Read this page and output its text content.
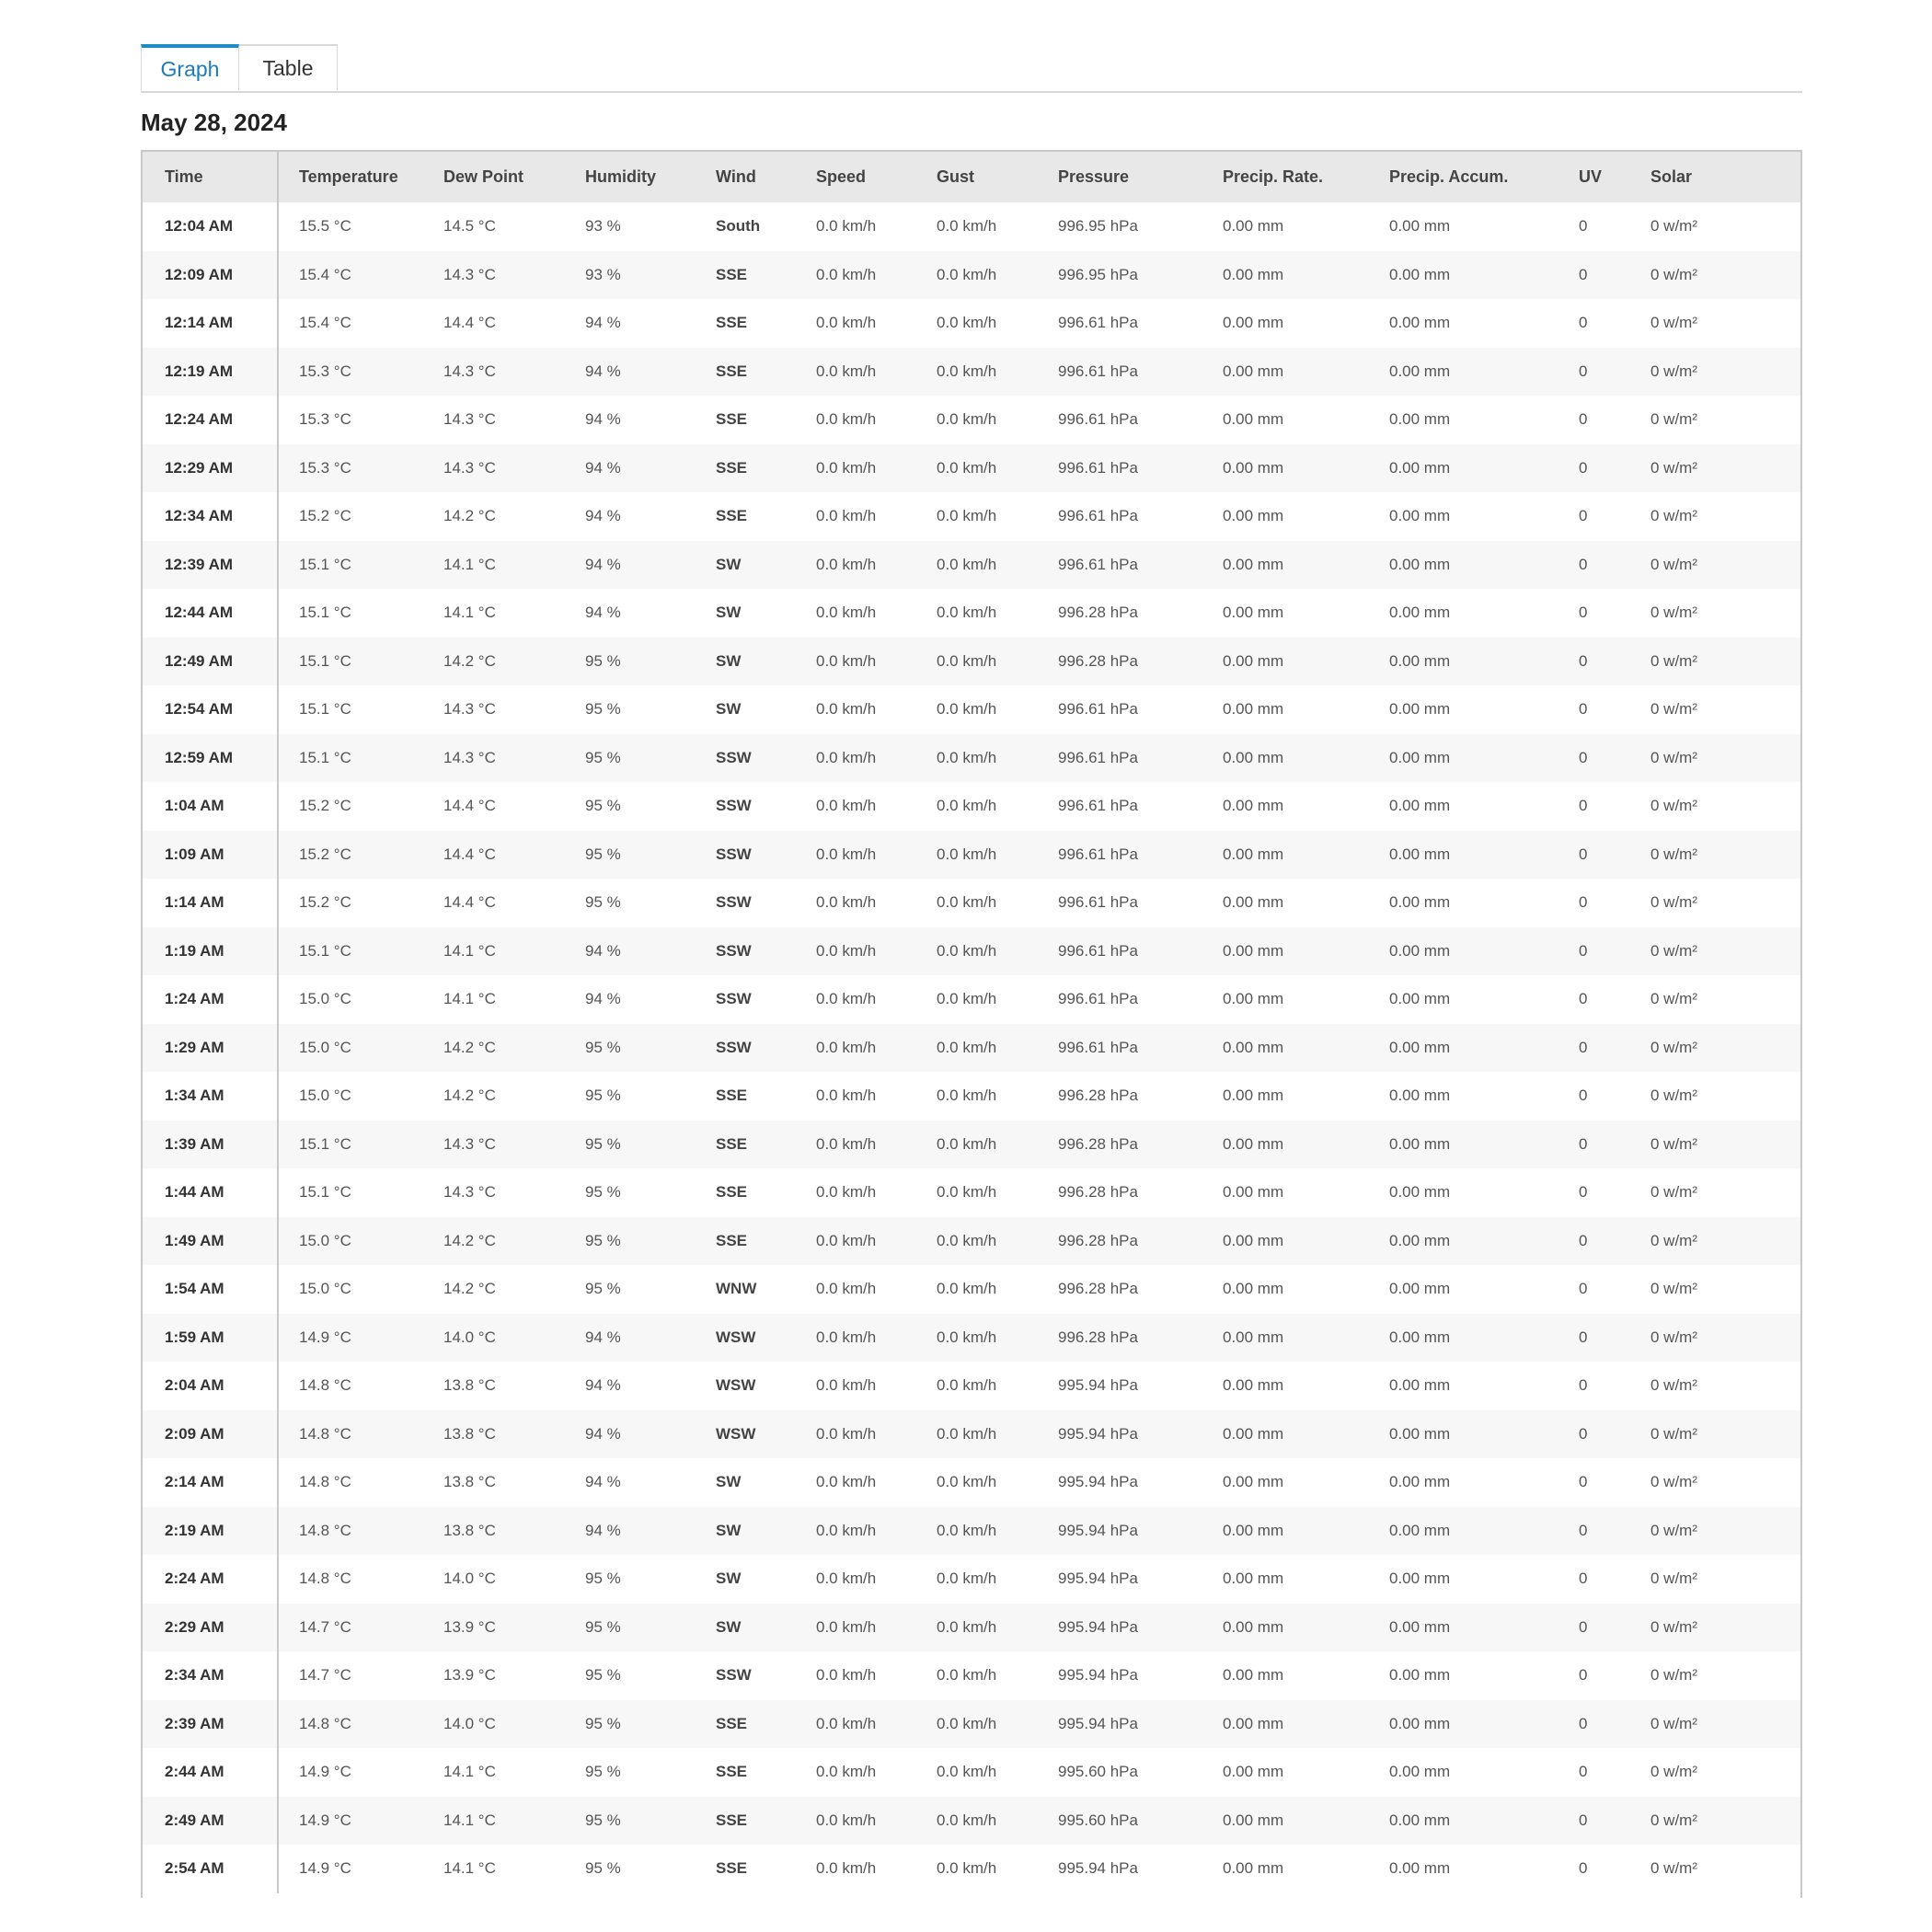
Graph	Table
May 28, 2024
Time	Temperature	Dew Point	Humidity	Wind	Speed	Gust	Pressure	Precip. Rate.	Precip. Accum.	UV	Solar
12:04 AM	15.5 °C	14.5 °C	93 %	South	0.0 km/h	0.0 km/h	996.95 hPa	0.00 mm	0.00 mm	0	0 w/m²
12:09 AM	15.4 °C	14.3 °C	93 %	SSE	0.0 km/h	0.0 km/h	996.95 hPa	0.00 mm	0.00 mm	0	0 w/m²
12:14 AM	15.4 °C	14.4 °C	94 %	SSE	0.0 km/h	0.0 km/h	996.61 hPa	0.00 mm	0.00 mm	0	0 w/m²
12:19 AM	15.3 °C	14.3 °C	94 %	SSE	0.0 km/h	0.0 km/h	996.61 hPa	0.00 mm	0.00 mm	0	0 w/m²
12:24 AM	15.3 °C	14.3 °C	94 %	SSE	0.0 km/h	0.0 km/h	996.61 hPa	0.00 mm	0.00 mm	0	0 w/m²
12:29 AM	15.3 °C	14.3 °C	94 %	SSE	0.0 km/h	0.0 km/h	996.61 hPa	0.00 mm	0.00 mm	0	0 w/m²
12:34 AM	15.2 °C	14.2 °C	94 %	SSE	0.0 km/h	0.0 km/h	996.61 hPa	0.00 mm	0.00 mm	0	0 w/m²
12:39 AM	15.1 °C	14.1 °C	94 %	SW	0.0 km/h	0.0 km/h	996.61 hPa	0.00 mm	0.00 mm	0	0 w/m²
12:44 AM	15.1 °C	14.1 °C	94 %	SW	0.0 km/h	0.0 km/h	996.28 hPa	0.00 mm	0.00 mm	0	0 w/m²
12:49 AM	15.1 °C	14.2 °C	95 %	SW	0.0 km/h	0.0 km/h	996.28 hPa	0.00 mm	0.00 mm	0	0 w/m²
12:54 AM	15.1 °C	14.3 °C	95 %	SW	0.0 km/h	0.0 km/h	996.61 hPa	0.00 mm	0.00 mm	0	0 w/m²
12:59 AM	15.1 °C	14.3 °C	95 %	SSW	0.0 km/h	0.0 km/h	996.61 hPa	0.00 mm	0.00 mm	0	0 w/m²
1:04 AM	15.2 °C	14.4 °C	95 %	SSW	0.0 km/h	0.0 km/h	996.61 hPa	0.00 mm	0.00 mm	0	0 w/m²
1:09 AM	15.2 °C	14.4 °C	95 %	SSW	0.0 km/h	0.0 km/h	996.61 hPa	0.00 mm	0.00 mm	0	0 w/m²
1:14 AM	15.2 °C	14.4 °C	95 %	SSW	0.0 km/h	0.0 km/h	996.61 hPa	0.00 mm	0.00 mm	0	0 w/m²
1:19 AM	15.1 °C	14.1 °C	94 %	SSW	0.0 km/h	0.0 km/h	996.61 hPa	0.00 mm	0.00 mm	0	0 w/m²
1:24 AM	15.0 °C	14.1 °C	94 %	SSW	0.0 km/h	0.0 km/h	996.61 hPa	0.00 mm	0.00 mm	0	0 w/m²
1:29 AM	15.0 °C	14.2 °C	95 %	SSW	0.0 km/h	0.0 km/h	996.61 hPa	0.00 mm	0.00 mm	0	0 w/m²
1:34 AM	15.0 °C	14.2 °C	95 %	SSE	0.0 km/h	0.0 km/h	996.28 hPa	0.00 mm	0.00 mm	0	0 w/m²
1:39 AM	15.1 °C	14.3 °C	95 %	SSE	0.0 km/h	0.0 km/h	996.28 hPa	0.00 mm	0.00 mm	0	0 w/m²
1:44 AM	15.1 °C	14.3 °C	95 %	SSE	0.0 km/h	0.0 km/h	996.28 hPa	0.00 mm	0.00 mm	0	0 w/m²
1:49 AM	15.0 °C	14.2 °C	95 %	SSE	0.0 km/h	0.0 km/h	996.28 hPa	0.00 mm	0.00 mm	0	0 w/m²
1:54 AM	15.0 °C	14.2 °C	95 %	WNW	0.0 km/h	0.0 km/h	996.28 hPa	0.00 mm	0.00 mm	0	0 w/m²
1:59 AM	14.9 °C	14.0 °C	94 %	WSW	0.0 km/h	0.0 km/h	996.28 hPa	0.00 mm	0.00 mm	0	0 w/m²
2:04 AM	14.8 °C	13.8 °C	94 %	WSW	0.0 km/h	0.0 km/h	995.94 hPa	0.00 mm	0.00 mm	0	0 w/m²
2:09 AM	14.8 °C	13.8 °C	94 %	WSW	0.0 km/h	0.0 km/h	995.94 hPa	0.00 mm	0.00 mm	0	0 w/m²
2:14 AM	14.8 °C	13.8 °C	94 %	SW	0.0 km/h	0.0 km/h	995.94 hPa	0.00 mm	0.00 mm	0	0 w/m²
2:19 AM	14.8 °C	13.8 °C	94 %	SW	0.0 km/h	0.0 km/h	995.94 hPa	0.00 mm	0.00 mm	0	0 w/m²
2:24 AM	14.8 °C	14.0 °C	95 %	SW	0.0 km/h	0.0 km/h	995.94 hPa	0.00 mm	0.00 mm	0	0 w/m²
2:29 AM	14.7 °C	13.9 °C	95 %	SW	0.0 km/h	0.0 km/h	995.94 hPa	0.00 mm	0.00 mm	0	0 w/m²
2:34 AM	14.7 °C	13.9 °C	95 %	SSW	0.0 km/h	0.0 km/h	995.94 hPa	0.00 mm	0.00 mm	0	0 w/m²
2:39 AM	14.8 °C	14.0 °C	95 %	SSE	0.0 km/h	0.0 km/h	995.94 hPa	0.00 mm	0.00 mm	0	0 w/m²
2:44 AM	14.9 °C	14.1 °C	95 %	SSE	0.0 km/h	0.0 km/h	995.60 hPa	0.00 mm	0.00 mm	0	0 w/m²
2:49 AM	14.9 °C	14.1 °C	95 %	SSE	0.0 km/h	0.0 km/h	995.60 hPa	0.00 mm	0.00 mm	0	0 w/m²
2:54 AM	14.9 °C	14.1 °C	95 %	SSE	0.0 km/h	0.0 km/h	995.94 hPa	0.00 mm	0.00 mm	0	0 w/m²
